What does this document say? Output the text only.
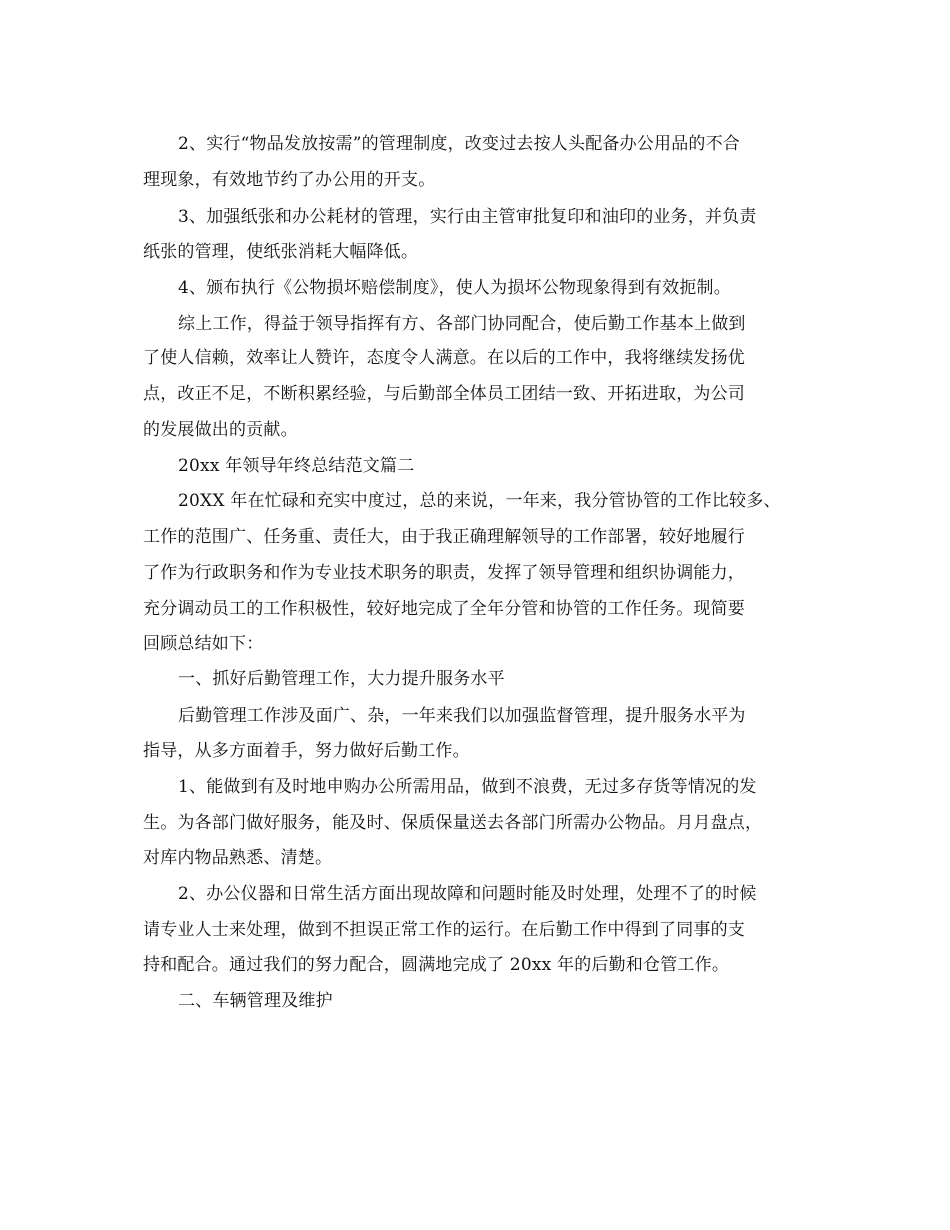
2、实行“物品发放按需”的管理制度，改变过去按人头配备办公用品的不合
理现象，有效地节约了办公用的开支。
3、加强纸张和办公耗材的管理，实行由主管审批复印和油印的业务，并负责
纸张的管理，使纸张消耗大幅降低。
4、颁布执行《公物损坏赔偿制度》，使人为损坏公物现象得到有效扼制。
综上工作，得益于领导指挥有方、各部门协同配合，使后勤工作基本上做到
了使人信赖，效率让人赞许，态度令人满意。在以后的工作中，我将继续发扬优
点，改正不足，不断积累经验，与后勤部全体员工团结一致、开拓进取，为公司
的发展做出的贡献。
20xx 年领导年终总结范文篇二
20XX 年在忙碌和充实中度过，总的来说，一年来，我分管协管的工作比较多、
工作的范围广、任务重、责任大，由于我正确理解领导的工作部署，较好地履行
了作为行政职务和作为专业技术职务的职责，发挥了领导管理和组织协调能力，
充分调动员工的工作积极性，较好地完成了全年分管和协管的工作任务。现简要
回顾总结如下：
一、抓好后勤管理工作，大力提升服务水平
后勤管理工作涉及面广、杂，一年来我们以加强监督管理，提升服务水平为
指导，从多方面着手，努力做好后勤工作。
1、能做到有及时地申购办公所需用品，做到不浪费，无过多存货等情况的发
生。为各部门做好服务，能及时、保质保量送去各部门所需办公物品。月月盘点，
对库内物品熟悉、清楚。
2、办公仪器和日常生活方面出现故障和问题时能及时处理，处理不了的时候
请专业人士来处理，做到不担误正常工作的运行。在后勤工作中得到了同事的支
持和配合。通过我们的努力配合，圆满地完成了 20xx 年的后勤和仓管工作。
二、车辆管理及维护
